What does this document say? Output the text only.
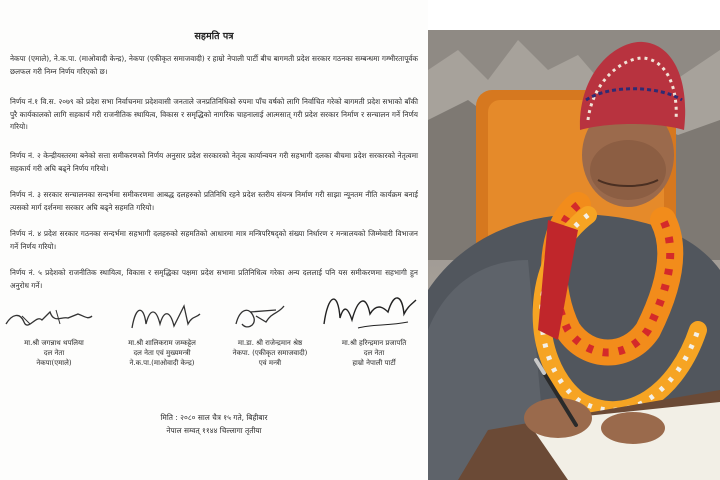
सहमति पत्र

नेकपा (एमाले), ने.क.पा. (माओवादी केन्द्र), नेकपा (एकीकृत समाजवादी) र हाम्रो नेपाली पार्टी बीच बागमती प्रदेश सरकार गठनका सम्बन्धमा गम्भीरतापूर्वक छलफल गरी निम्न निर्णय गरिएको छ।

निर्णय नं.१ वि.स. २०७९ को प्रदेश सभा निर्वाचनमा प्रदेशवासी जनताले जनप्रतिनिधिको रुपमा पाँच वर्षको लागि निर्वाचित गरेको बागमती प्रदेश सभाको बाँकी पुरै कार्यकालको लागि सहकार्य गरी राजनीतिक स्थायित्व, विकास र समृद्धिको नागरिक चाहनालाई आत्मसात् गरी प्रदेश सरकार निर्माण र सन्चालन गर्ने निर्णय गरियो।

निर्णय नं. २ केन्द्रीयस्तरमा बनेको सत्ता समीकरणको निर्णय अनुसार प्रदेश सरकारको नेतृत्व कार्यान्वयन गरी सहभागी दलका बीचमा प्रदेश सरकारको नेतृत्वमा सहकार्य गरी अघि बढ्ने निर्णय गरियो।

निर्णय नं. ३ सरकार सन्चालनका सन्दर्भमा समीकरणमा आबद्ध दलहरुको प्रतिनिधि रहने प्रदेश स्तरीय संयन्त्र निर्माण गरी साझा न्यूनतम नीति कार्यक्रम बनाई त्यसको मार्ग दर्शनमा सरकार अघि बढ्ने सहमति गरियो।

निर्णय नं. ४ प्रदेश सरकार गठनका सन्दर्भमा सहभागी दलहरुको सहमतिको आधारमा मात्र मन्त्रिपरिषद्को संख्या निर्धारण र मन्त्रालयको जिम्मेवारी विभाजन गर्ने निर्णय गरियो।

निर्णय नं. ५ प्रदेशको राजनीतिक स्थायित्व, विकास र समृद्धिका पक्षमा प्रदेश सभामा प्रतिनिधित्व गरेका अन्य दललाई पनि यस समीकरणमा सहभागी हुन अनुरोध गर्ने।

मा.श्री जगन्नाथ थपलिया
दल नेता
नेकपा(एमाले)
मा.श्री शालिकराम जम्कट्टेल
दल नेता एवं मुख्यमन्त्री
ने.क.पा.(माओवादी केन्द्र)
मा.डा. श्री राजेन्द्रमान श्रेष्ठ
नेकपा. (एकीकृत समाजवादी)
एवं मन्त्री
मा.श्री हरिन्द्रमान प्रजापति
दल नेता
हाम्रो नेपाली पार्टी
मिति : २०८० साल चैत्र १५ गते, बिहीबार
नेपाल सम्वत् ११४४ चिल्लागा तृतीया
